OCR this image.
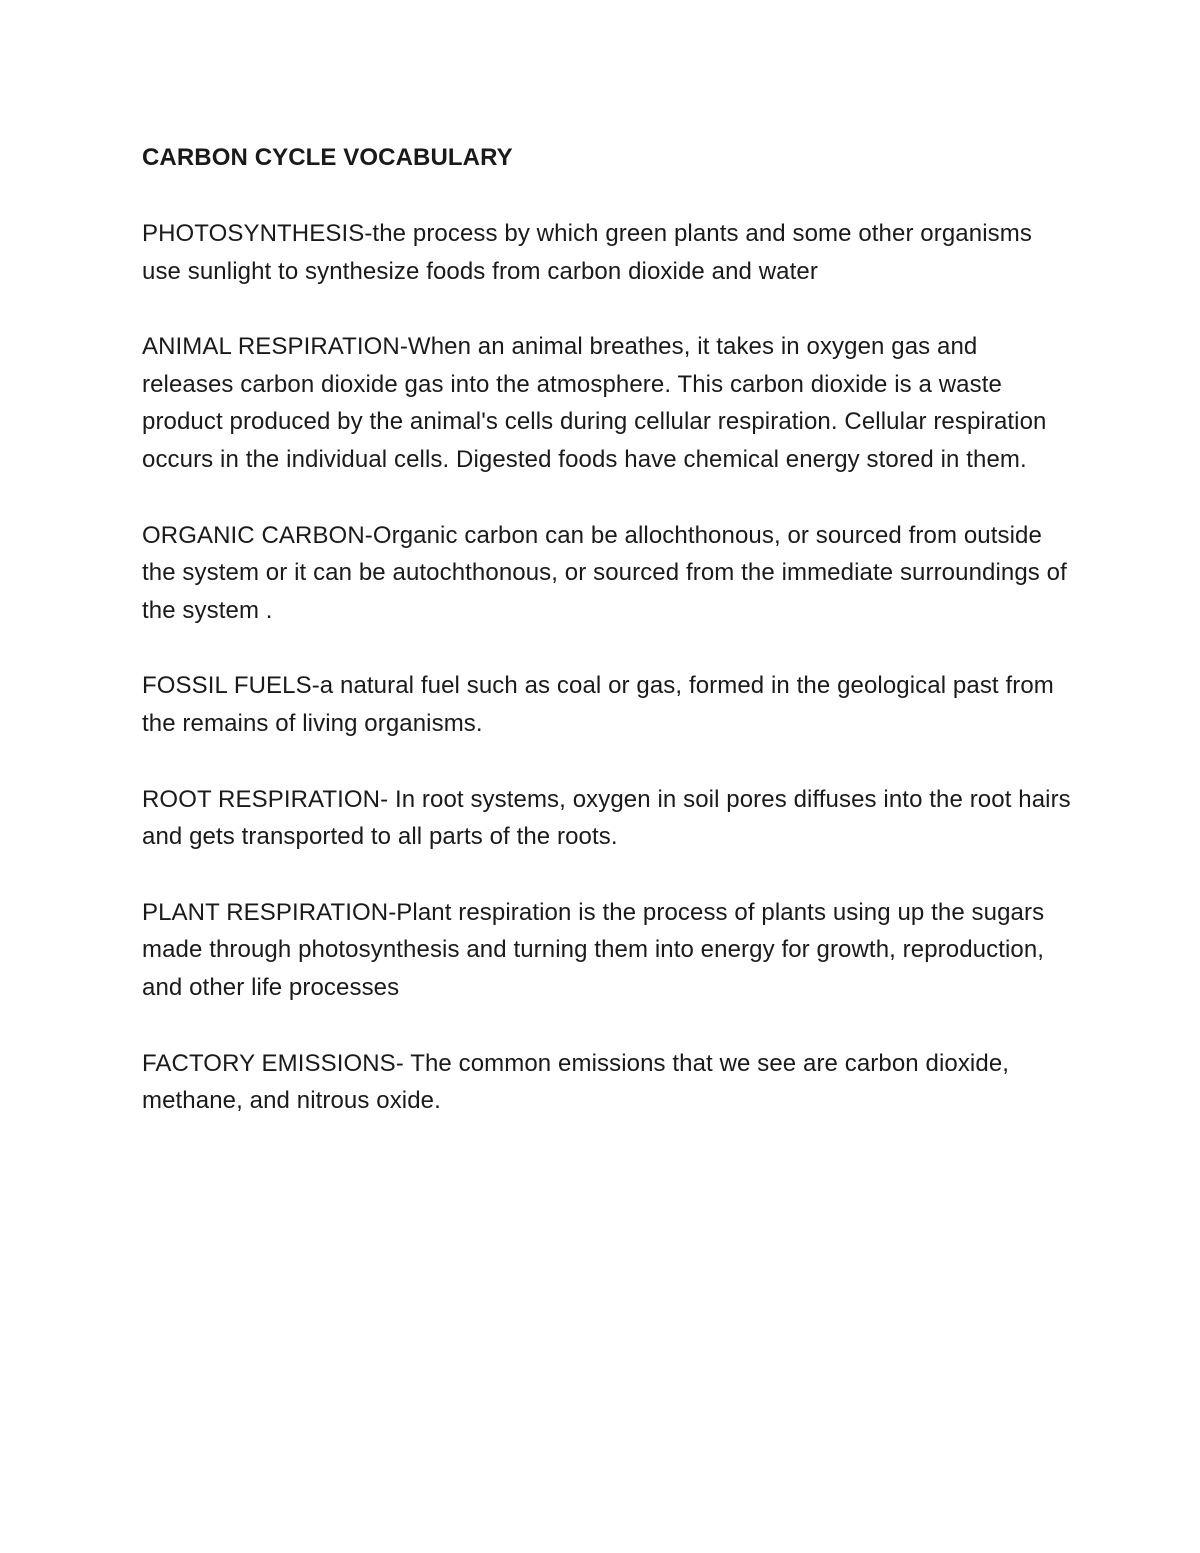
CARBON CYCLE VOCABULARY
PHOTOSYNTHESIS-the process by which green plants and some other organisms use sunlight to synthesize foods from carbon dioxide and water
ANIMAL RESPIRATION-When an animal breathes, it takes in oxygen gas and releases carbon dioxide gas into the atmosphere. This carbon dioxide is a waste product produced by the animal's cells during cellular respiration. Cellular respiration occurs in the individual cells. Digested foods have chemical energy stored in them.
ORGANIC CARBON-Organic carbon can be allochthonous, or sourced from outside the system or it can be autochthonous, or sourced from the immediate surroundings of the system .
FOSSIL FUELS-a natural fuel such as coal or gas, formed in the geological past from the remains of living organisms.
ROOT RESPIRATION- In root systems, oxygen in soil pores diffuses into the root hairs and gets transported to all parts of the roots.
PLANT RESPIRATION-Plant respiration is the process of plants using up the sugars made through photosynthesis and turning them into energy for growth, reproduction, and other life processes
FACTORY EMISSIONS- The common emissions that we see are carbon dioxide, methane, and nitrous oxide.
